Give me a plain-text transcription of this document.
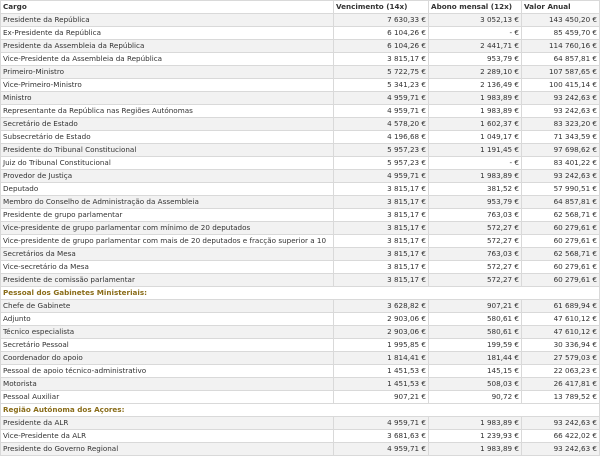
Cargo	Vencimento (14x)	Abono mensal (12x)	Valor Anual
Presidente da República	7 630,33 €	3 052,13 €	143 450,20 €
Ex-Presidente da República	6 104,26 €	- €	85 459,70 €
Presidente da Assembleia da República	6 104,26 €	2 441,71 €	114 760,16 €
Vice-Presidente da Assembleia da República	3 815,17 €	953,79 €	64 857,81 €
Primeiro-Ministro	5 722,75 €	2 289,10 €	107 587,65 €
Vice-Primeiro-Ministro	5 341,23 €	2 136,49 €	100 415,14 €
Ministro	4 959,71 €	1 983,89 €	93 242,63 €
Representante da República nas Regiões Autónomas	4 959,71 €	1 983,89 €	93 242,63 €
Secretário de Estado	4 578,20 €	1 602,37 €	83 323,20 €
Subsecretário de Estado	4 196,68 €	1 049,17 €	71 343,59 €
Presidente do Tribunal Constitucional	5 957,23 €	1 191,45 €	97 698,62 €
Juiz do Tribunal Constitucional	5 957,23 €	- €	83 401,22 €
Provedor de Justiça	4 959,71 €	1 983,89 €	93 242,63 €
Deputado	3 815,17 €	381,52 €	57 990,51 €
Membro do Conselho de Administração da Assembleia	3 815,17 €	953,79 €	64 857,81 €
Presidente de grupo parlamentar	3 815,17 €	763,03 €	62 568,71 €
Vice-presidente de grupo parlamentar com mínimo de 20 deputados	3 815,17 €	572,27 €	60 279,61 €
Vice-presidente de grupo parlamentar com mais de 20 deputados e fracção superior a 10	3 815,17 €	572,27 €	60 279,61 €
Secretários da Mesa	3 815,17 €	763,03 €	62 568,71 €
Vice-secretário da Mesa	3 815,17 €	572,27 €	60 279,61 €
Presidente de comissão parlamentar	3 815,17 €	572,27 €	60 279,61 €
Pessoal dos Gabinetes Ministeriais:			
Chefe de Gabinete	3 628,82 €	907,21 €	61 689,94 €
Adjunto	2 903,06 €	580,61 €	47 610,12 €
Técnico especialista	2 903,06 €	580,61 €	47 610,12 €
Secretário Pessoal	1 995,85 €	199,59 €	30 336,94 €
Coordenador do apoio	1 814,41 €	181,44 €	27 579,03 €
Pessoal de apoio técnico-administrativo	1 451,53 €	145,15 €	22 063,23 €
Motorista	1 451,53 €	508,03 €	26 417,81 €
Pessoal Auxiliar	907,21 €	90,72 €	13 789,52 €
Região Autónoma dos Açores:			
Presidente da ALR	4 959,71 €	1 983,89 €	93 242,63 €
Vice-Presidente da ALR	3 681,63 €	1 239,93 €	66 422,02 €
Presidente do Governo Regional	4 959,71 €	1 983,89 €	93 242,63 €
